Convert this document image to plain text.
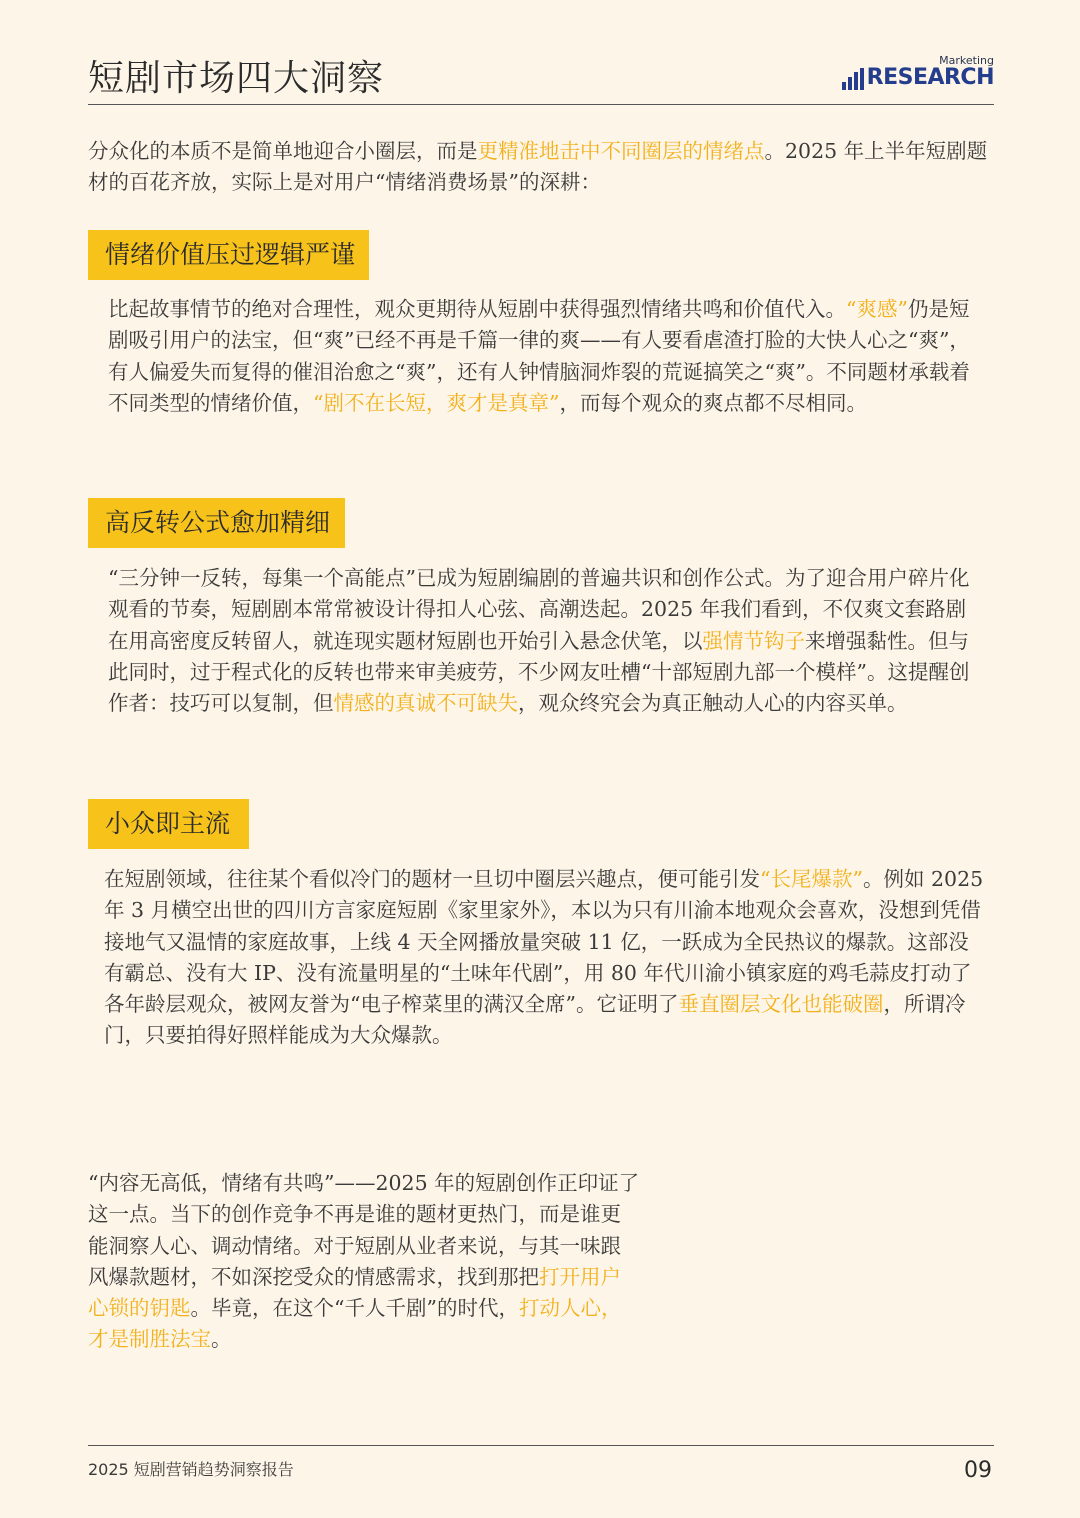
短剧市场四大洞察	Marketing
RESEARCH

分众化的本质不是简单地迎合小圈层，而是更精准地击中不同圈层的情绪点。2025 年上半年短剧题材的百花齐放，实际上是对用户“情绪消费场景”的深耕：

情绪价值压过逻辑严谨

比起故事情节的绝对合理性，观众更期待从短剧中获得强烈情绪共鸣和价值代入。“爽感”仍是短剧吸引用户的法宝，但“爽”已经不再是千篇一律的爽——有人要看虐渣打脸的大快人心之“爽”，有人偏爱失而复得的催泪治愈之“爽”，还有人钟情脑洞炸裂的荒诞搞笑之“爽”。不同题材承载着不同类型的情绪价值，“剧不在长短，爽才是真章”，而每个观众的爽点都不尽相同。

高反转公式愈加精细

“三分钟一反转，每集一个高能点”已成为短剧编剧的普遍共识和创作公式。为了迎合用户碎片化观看的节奏，短剧剧本常常被设计得扣人心弦、高潮迭起。2025 年我们看到，不仅爽文套路剧在用高密度反转留人，就连现实题材短剧也开始引入悬念伏笔，以强情节钩子来增强黏性。但与此同时，过于程式化的反转也带来审美疲劳，不少网友吐槽“十部短剧九部一个模样”。这提醒创作者：技巧可以复制，但情感的真诚不可缺失，观众终究会为真正触动人心的内容买单。

小众即主流

在短剧领域，往往某个看似冷门的题材一旦切中圈层兴趣点，便可能引发“长尾爆款”。例如 2025 年 3 月横空出世的四川方言家庭短剧《家里家外》，本以为只有川渝本地观众会喜欢，没想到凭借接地气又温情的家庭故事，上线 4 天全网播放量突破 11 亿，一跃成为全民热议的爆款。这部没有霸总、没有大 IP、没有流量明星的“土味年代剧”，用 80 年代川渝小镇家庭的鸡毛蒜皮打动了各年龄层观众，被网友誉为“电子榨菜里的满汉全席”。它证明了垂直圈层文化也能破圈，所谓冷门，只要拍得好照样能成为大众爆款。

“内容无高低，情绪有共鸣”——2025 年的短剧创作正印证了这一点。当下的创作竞争不再是谁的题材更热门，而是谁更能洞察人心、调动情绪。对于短剧从业者来说，与其一味跟风爆款题材，不如深挖受众的情感需求，找到那把打开用户心锁的钥匙。毕竟，在这个“千人千剧”的时代，打动人心，才是制胜法宝。

2025 短剧营销趋势洞察报告	09
